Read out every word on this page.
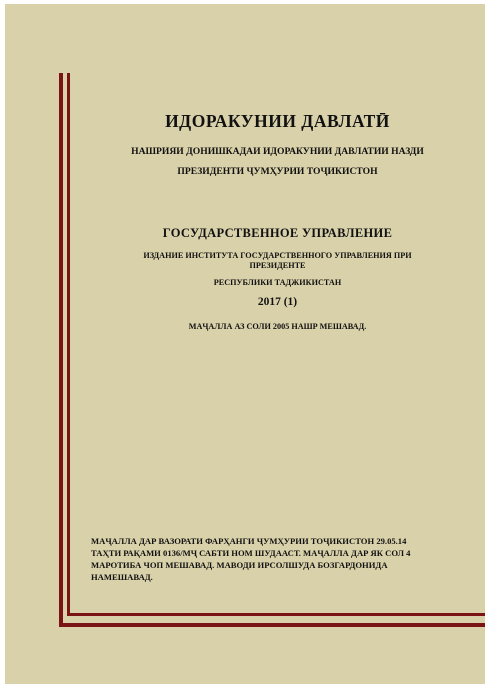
ИДОРАКУНИИ ДАВЛАТӢ
НАШРИЯИ ДОНИШКАДАИ ИДОРАКУНИИ ДАВЛАТИИ НАЗДИ
ПРЕЗИДЕНТИ ҶУМҲУРИИ ТОҶИКИСТОН
ГОСУДАРСТВЕННОЕ УПРАВЛЕНИЕ
ИЗДАНИЕ ИНСТИТУТА ГОСУДАРСТВЕННОГО УПРАВЛЕНИЯ ПРИ ПРЕЗИДЕНТЕ
РЕСПУБЛИКИ ТАДЖИКИСТАН
2017 (1)
МАҶАЛЛА АЗ СОЛИ 2005 НАШР МЕШАВАД.
МАҶАЛЛА ДАР ВАЗОРАТИ ФАРҲАНГИ ҶУМҲУРИИ ТОҶИКИСТОН 29.05.14 ТАҲТИ РАҚАМИ 0136/МҶ САБТИ НОМ ШУДААСТ. МАҶАЛЛА ДАР ЯК СОЛ 4 МАРОТИБА ЧОП МЕШАВАД. МАВОДИ ИРСОЛШУДА БОЗГАРДОНИДА НАМЕШАВАД.
